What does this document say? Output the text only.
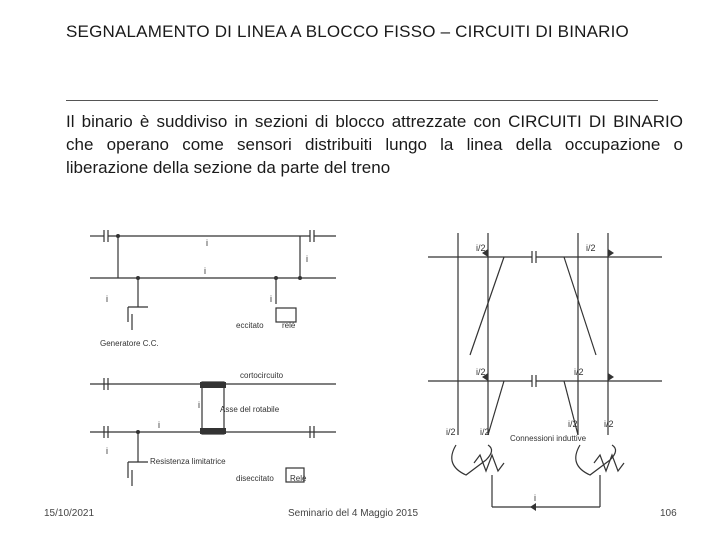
SEGNALAMENTO DI LINEA A BLOCCO FISSO – CIRCUITI DI BINARIO
Il binario è suddiviso in sezioni di blocco attrezzate con CIRCUITI DI BINARIO che operano come sensori distribuiti lungo la linea della occupazione o liberazione della sezione da parte del treno
i
i
i
i	i
eccitato relè
Generatore C.C.
cortocircuito
i	Asse del rotabile
i
i
Resistenza limitatrice
diseccitato Relè
i/2	i/2
i/2	i/2
i/2	i/2
i/2	i/2
Connessioni induttive
i
15/10/2021	Seminario del 4 Maggio 2015	106
